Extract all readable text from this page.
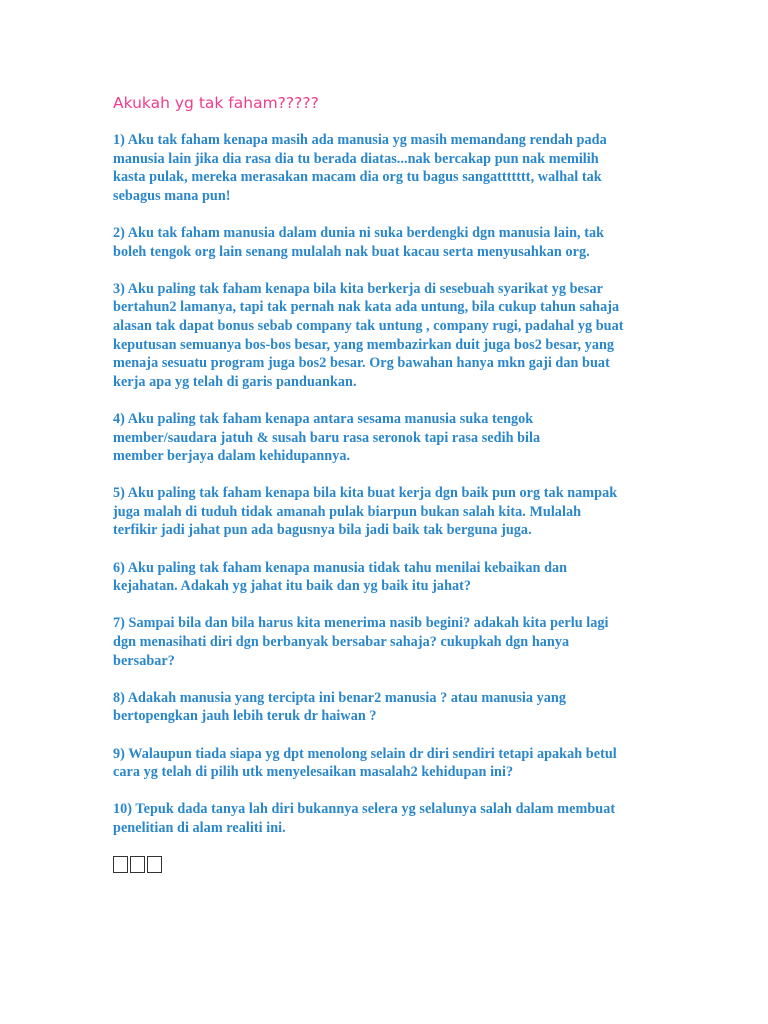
Akukah yg tak faham?????

1) Aku tak faham kenapa masih ada manusia yg masih memandang rendah pada
manusia lain jika dia rasa dia tu berada diatas...nak bercakap pun nak memilih
kasta pulak, mereka merasakan macam dia org tu bagus sangattttttt, walhal tak
sebagus mana pun!

2) Aku tak faham manusia dalam dunia ni suka berdengki dgn manusia lain, tak
boleh tengok org lain senang mulalah nak buat kacau serta menyusahkan org.

3) Aku paling tak faham kenapa bila kita berkerja di sesebuah syarikat yg besar
bertahun2 lamanya, tapi tak pernah nak kata ada untung, bila cukup tahun sahaja
alasan tak dapat bonus sebab company tak untung , company rugi, padahal yg buat
keputusan semuanya bos-bos besar, yang membazirkan duit juga bos2 besar, yang
menaja sesuatu program juga bos2 besar. Org bawahan hanya mkn gaji dan buat
kerja apa yg telah di garis panduankan.

4) Aku paling tak faham kenapa antara sesama manusia suka tengok
member/saudara jatuh & susah baru rasa seronok tapi rasa sedih bila
member berjaya dalam kehidupannya.

5) Aku paling tak faham kenapa bila kita buat kerja dgn baik pun org tak nampak
juga malah di tuduh tidak amanah pulak biarpun bukan salah kita. Mulalah
terfikir jadi jahat pun ada bagusnya bila jadi baik tak berguna juga.

6) Aku paling tak faham kenapa manusia tidak tahu menilai kebaikan dan
kejahatan. Adakah yg jahat itu baik dan yg baik itu jahat?

7) Sampai bila dan bila harus kita menerima nasib begini? adakah kita perlu lagi
dgn menasihati diri dgn berbanyak bersabar sahaja? cukupkah dgn hanya
bersabar?

8) Adakah manusia yang tercipta ini benar2 manusia ? atau manusia yang
bertopengkan jauh lebih teruk dr haiwan ?

9) Walaupun tiada siapa yg dpt menolong selain dr diri sendiri tetapi apakah betul
cara yg telah di pilih utk menyelesaikan masalah2 kehidupan ini?

10) Tepuk dada tanya lah diri bukannya selera yg selalunya salah dalam membuat
penelitian di alam realiti ini.
